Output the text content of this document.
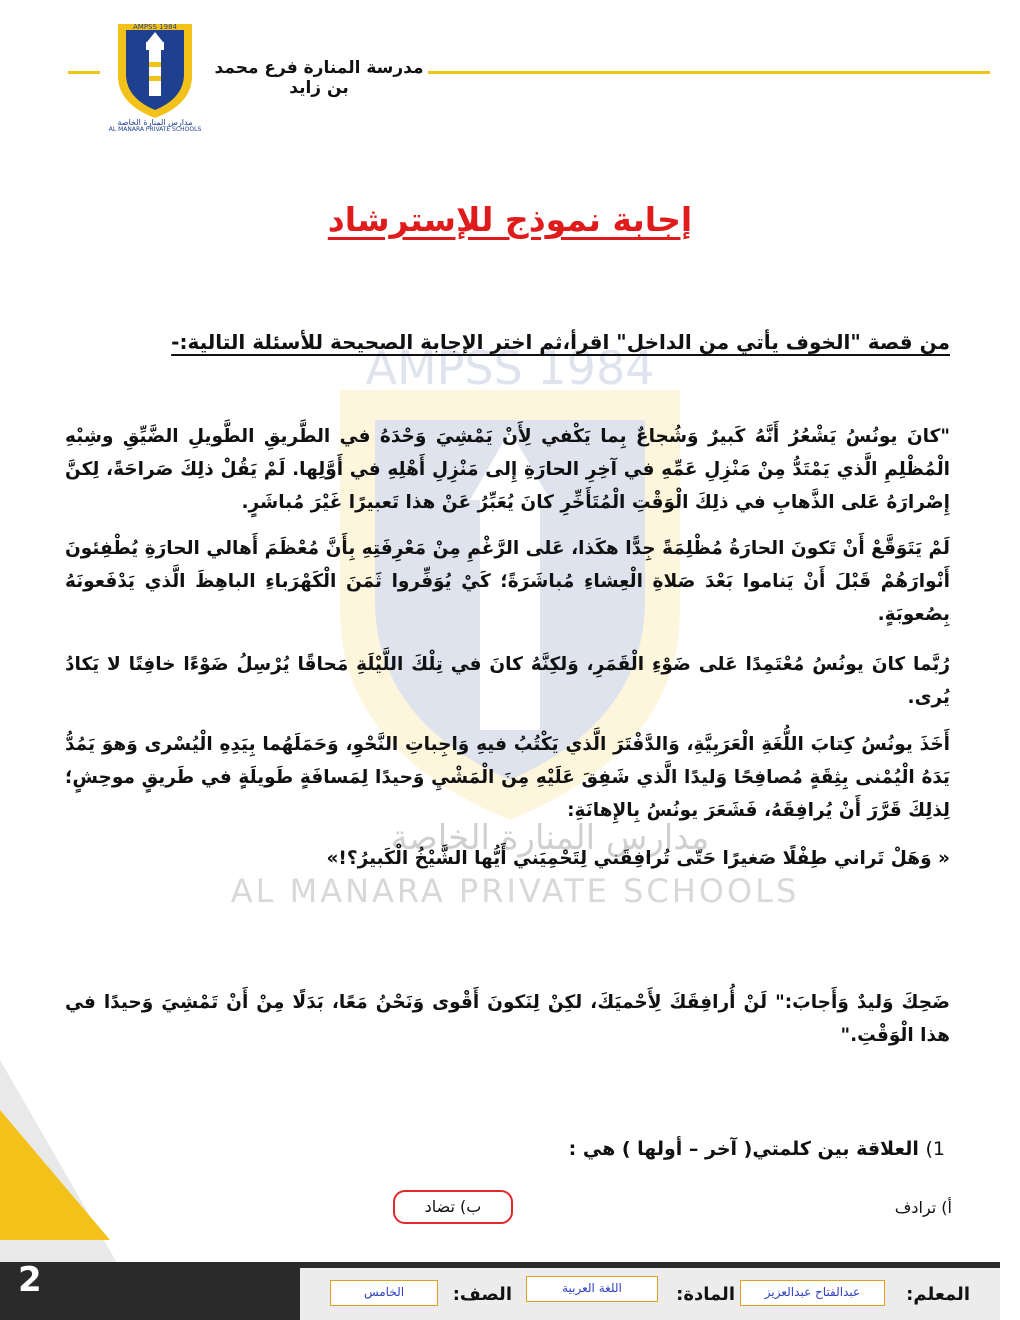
AMPSS 1984
مدارس المنارة الخاصة
AL MANARA PRIVATE SCHOOLS
مدرسة المنارة فرع محمد بن زايد
AMPSS 1984
مدارس المنارة الخاصة
AL MANARA PRIVATE SCHOOLS
إجابة نموذج للإسترشاد
من قصة "الخوف يأتي من الداخل" اقرأ،ثم اختر الإجابة الصحيحة للأسئلة التالية:-
"كانَ يونُسُ يَشْعُرُ أَنَّهُ كَبيرٌ وَشُجاعٌ بِما يَكْفي لِأَنْ يَمْشِيَ وَحْدَهُ في الطَّريقِ الطَّويلِ الضَّيِّقِ وشِبْهِ الْمُظْلِمِ الَّذي يَمْتَدُّ مِنْ مَنْزِلِ عَمِّهِ في آخِرِ الحارَةِ إِلى مَنْزِلِ أَهْلِهِ في أَوَّلِها. لَمْ يَقُلْ ذلِكَ صَراحَةً، لِكنَّ إِصْرارَهُ عَلى الذَّهابِ في ذلِكَ الْوَقْتِ الْمُتَأَخِّرِ كانَ يُعَبِّرُ عَنْ هذا تَعبيرًا غَيْرَ مُباشَرٍ.
لَمْ يَتَوَقَّعْ أَنْ تَكونَ الحارَةُ مُظْلِمَةً جِدًّا هكَذا، عَلى الرَّغْمِ مِنْ مَعْرِفَتِهِ بِأَنَّ مُعْظَمَ أَهالي الحارَةِ يُطْفِئونَ أَنْوارَهُمْ قَبْلَ أَنْ يَناموا بَعْدَ صَلاةِ الْعِشاءِ مُباشَرَةً؛ كَيْ يُوَفِّروا ثَمَنَ الْكَهْرَباءِ الباهِظَ الَّذي يَدْفَعونَهُ بِصُعوبَةٍ.
رُبَّما كانَ يونُسُ مُعْتَمِدًا عَلى ضَوْءِ الْقَمَرِ، وَلكِنَّهُ كانَ في تِلْكَ اللَّيْلَةِ مَحاقًا يُرْسِلُ ضَوْءًا خافِتًا لا يَكادُ يُرى.
أَخَذَ يونُسُ كِتابَ اللُّغَةِ الْعَرَبِيَّةِ، وَالدَّفْتَرَ الَّذي يَكْتُبُ فيهِ وَاجِباتِ النَّحْوِ، وَحَمَلَهُما بِيَدِهِ الْيُسْرى وَهوَ يَمُدُّ يَدَهُ الْيُمْنى بِثِقَةٍ مُصافِحًا وَليدًا الَّذي شَفِقَ عَلَيْهِ مِنَ الْمَشْيِ وَحيدًا لِمَسافَةٍ طَويلَةٍ في طَريقٍ موحِشٍ؛ لِذلِكَ قَرَّرَ أَنْ يُرافِقَهُ، فَشَعَرَ يونُسُ بِالإِهانَةِ:
« وَهَلْ تَراني طِفْلًا صَغيرًا حَتّى تُرافِقَني لِتَحْمِيَني أَيُّها الشَّيْخُ الْكَبيرُ؟!»
ضَحِكَ وَليدٌ وَأَجابَ:" لَنْ أُرافِقَكَ لِأَحْميَكَ، لكِنْ لِنَكونَ أَقْوى وَنَحْنُ مَعًا، بَدَلًا مِنْ أَنْ تَمْشِيَ وَحيدًا في هذا الْوَقْتِ."
1) العلاقة بين كلمتي( آخر – أولها ) هي :
أ) ترادف
ب) تضاد
2	المعلم:
عبدالفتاح عبدالعزيز
المادة:
اللغة العربية
الصف:
الخامس
